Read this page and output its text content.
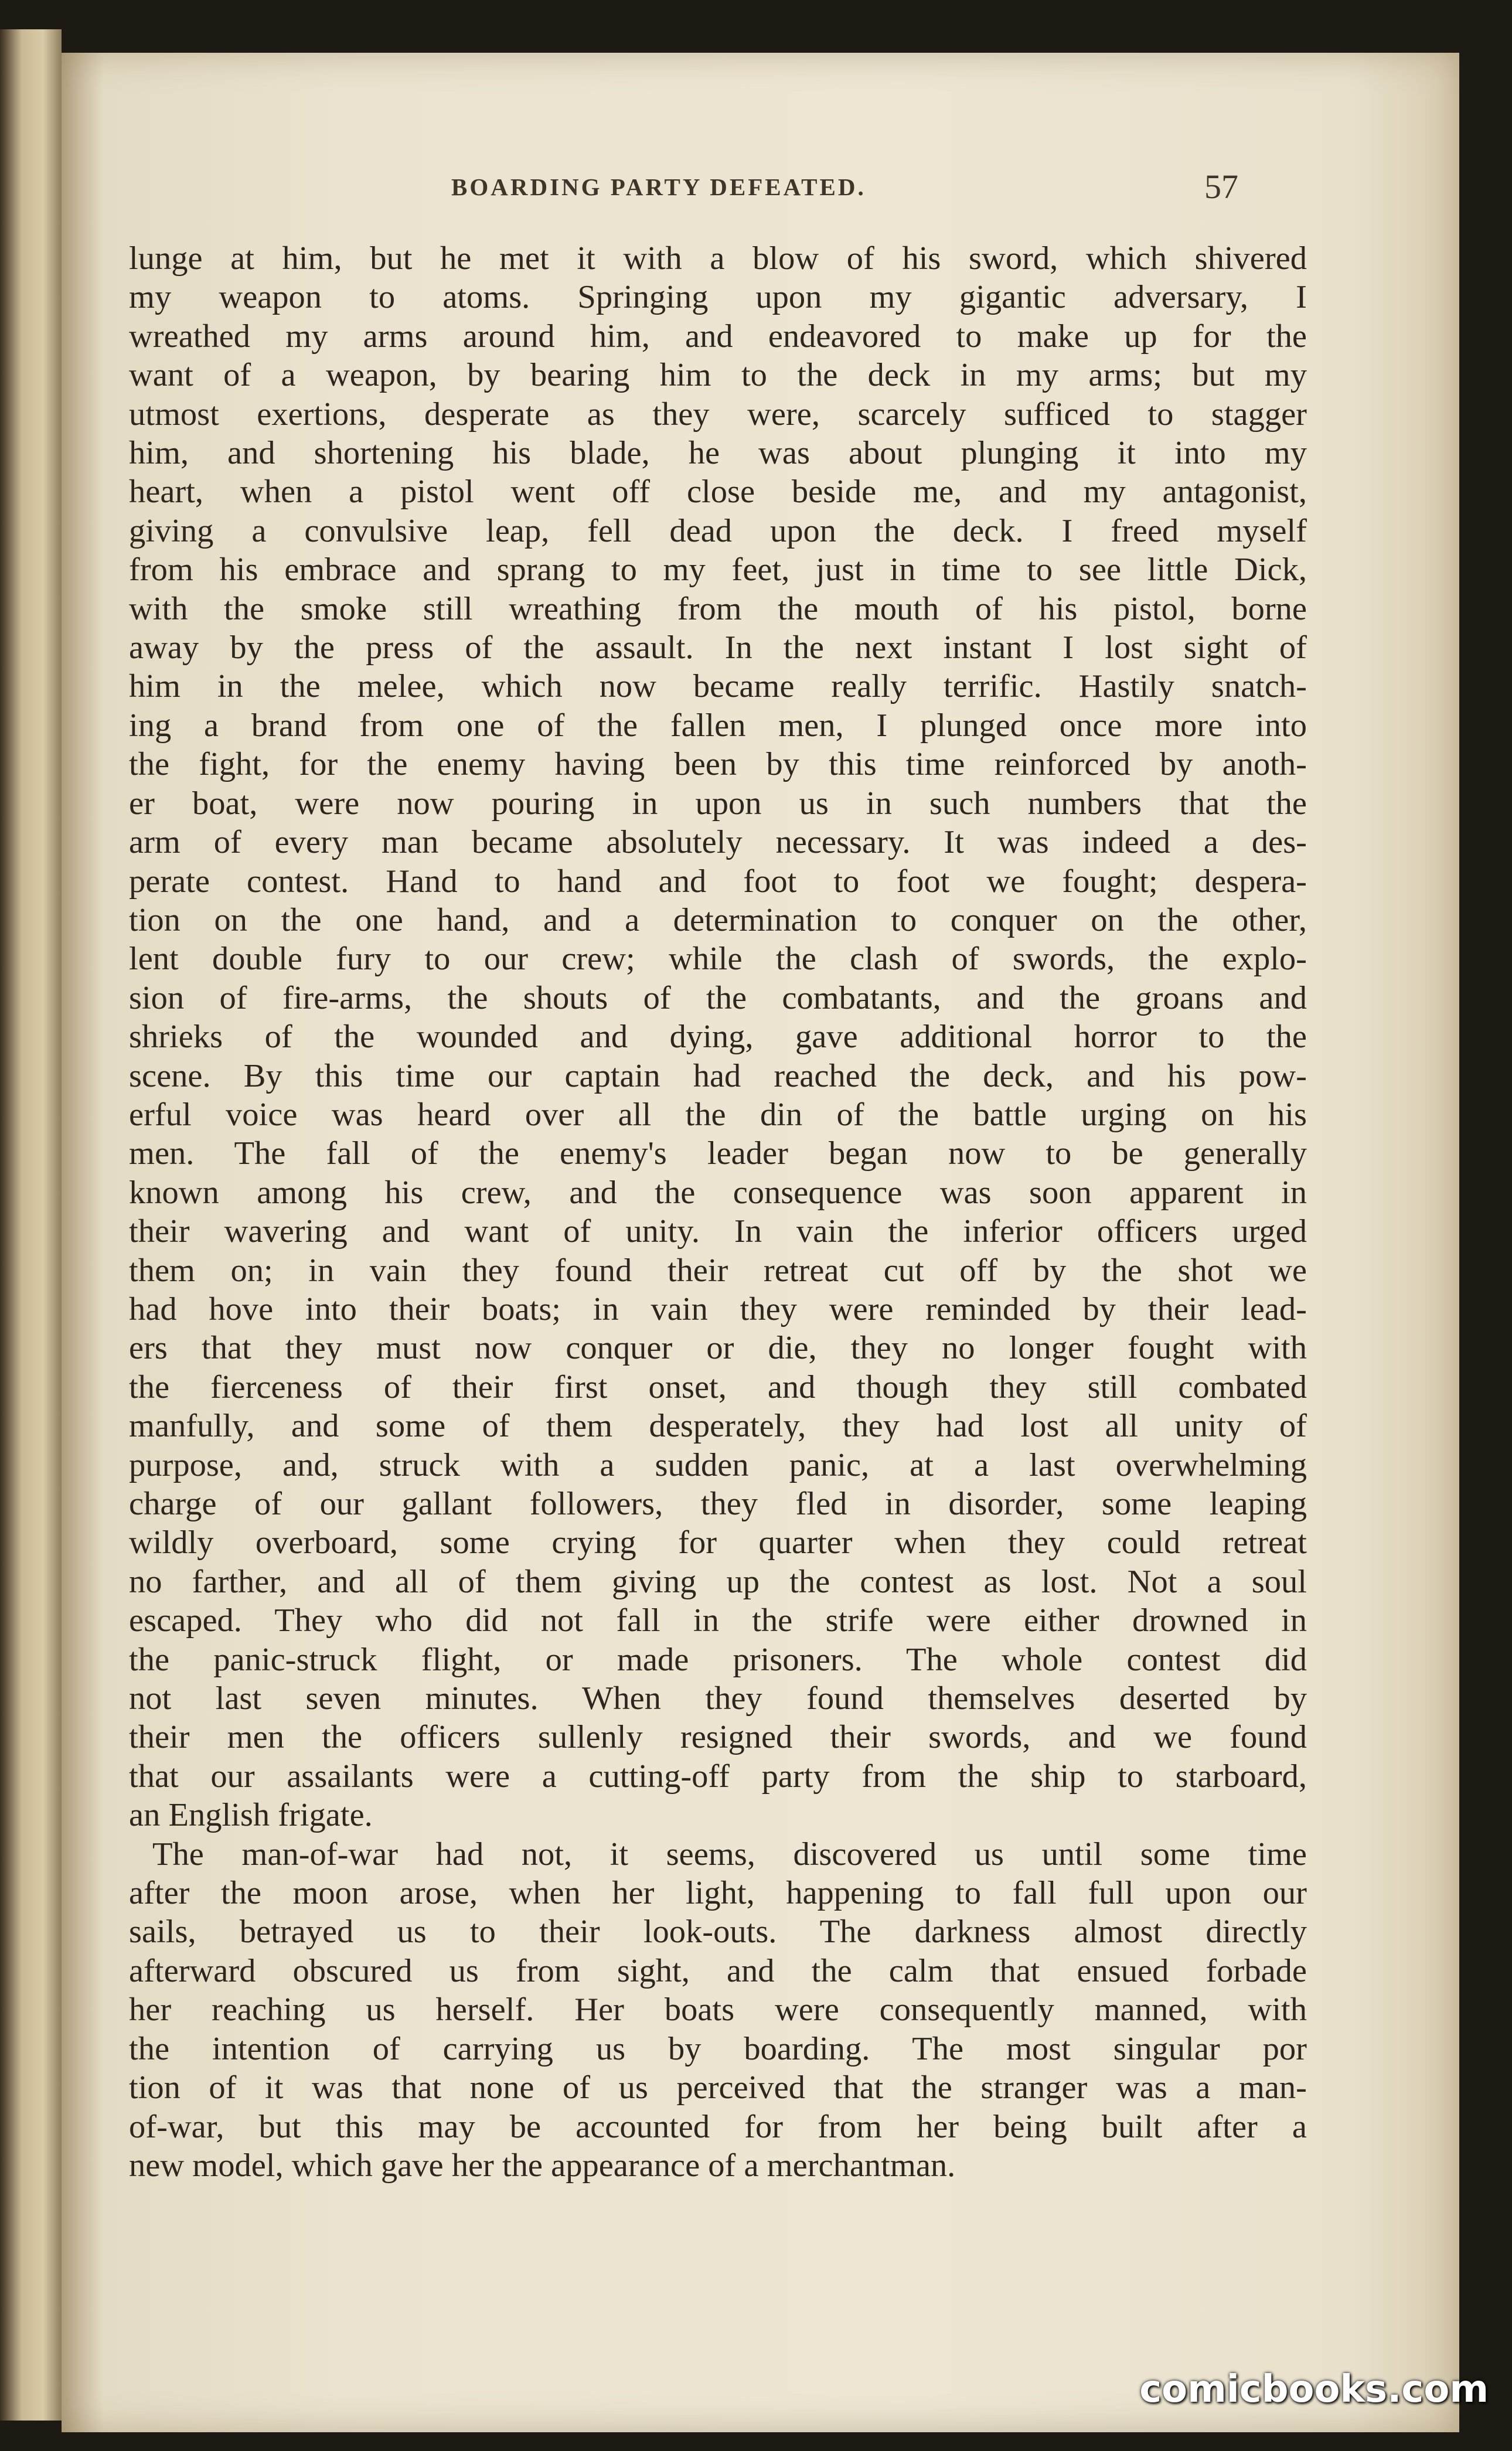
BOARDING PARTY DEFEATED.	57
lunge at him, but he met it with a blow of his sword, which shivered
my weapon to atoms. Springing upon my gigantic adversary, I
wreathed my arms around him, and endeavored to make up for the
want of a weapon, by bearing him to the deck in my arms; but my
utmost exertions, desperate as they were, scarcely sufficed to stagger
him, and shortening his blade, he was about plunging it into my
heart, when a pistol went off close beside me, and my antagonist,
giving a convulsive leap, fell dead upon the deck. I freed myself
from his embrace and sprang to my feet, just in time to see little Dick,
with the smoke still wreathing from the mouth of his pistol, borne
away by the press of the assault. In the next instant I lost sight of
him in the melee, which now became really terrific. Hastily snatch-
ing a brand from one of the fallen men, I plunged once more into
the fight, for the enemy having been by this time reinforced by anoth-
er boat, were now pouring in upon us in such numbers that the
arm of every man became absolutely necessary. It was indeed a des-
perate contest. Hand to hand and foot to foot we fought; despera-
tion on the one hand, and a determination to conquer on the other,
lent double fury to our crew; while the clash of swords, the explo-
sion of fire-arms, the shouts of the combatants, and the groans and
shrieks of the wounded and dying, gave additional horror to the
scene. By this time our captain had reached the deck, and his pow-
erful voice was heard over all the din of the battle urging on his
men. The fall of the enemy's leader began now to be generally
known among his crew, and the consequence was soon apparent in
their wavering and want of unity. In vain the inferior officers urged
them on; in vain they found their retreat cut off by the shot we
had hove into their boats; in vain they were reminded by their lead-
ers that they must now conquer or die, they no longer fought with
the fierceness of their first onset, and though they still combated
manfully, and some of them desperately, they had lost all unity of
purpose, and, struck with a sudden panic, at a last overwhelming
charge of our gallant followers, they fled in disorder, some leaping
wildly overboard, some crying for quarter when they could retreat
no farther, and all of them giving up the contest as lost. Not a soul
escaped. They who did not fall in the strife were either drowned in
the panic-struck flight, or made prisoners. The whole contest did
not last seven minutes. When they found themselves deserted by
their men the officers sullenly resigned their swords, and we found
that our assailants were a cutting-off party from the ship to starboard,
an English frigate.
The man-of-war had not, it seems, discovered us until some time
after the moon arose, when her light, happening to fall full upon our
sails, betrayed us to their look-outs. The darkness almost directly
afterward obscured us from sight, and the calm that ensued forbade
her reaching us herself. Her boats were consequently manned, with
the intention of carrying us by boarding. The most singular por
tion of it was that none of us perceived that the stranger was a man-
of-war, but this may be accounted for from her being built after a
new model, which gave her the appearance of a merchantman.
comicbooks.com
